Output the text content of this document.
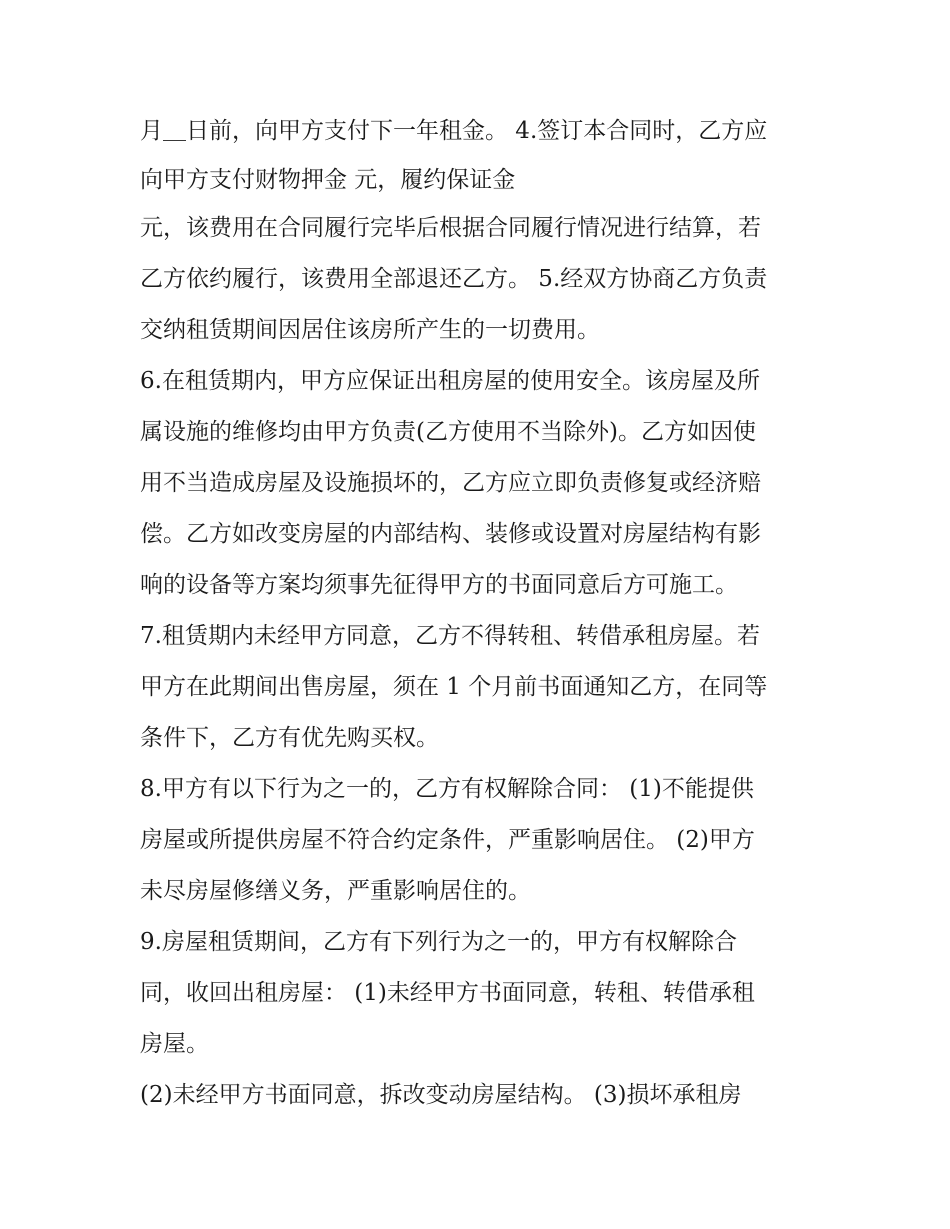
月＿日前，向甲方支付下一年租金。 4.签订本合同时，乙方应
向甲方支付财物押金 元，履约保证金
元，该费用在合同履行完毕后根据合同履行情况进行结算，若
乙方依约履行，该费用全部退还乙方。 5.经双方协商乙方负责
交纳租赁期间因居住该房所产生的一切费用。
6.在租赁期内，甲方应保证出租房屋的使用安全。该房屋及所
属设施的维修均由甲方负责(乙方使用不当除外)。乙方如因使
用不当造成房屋及设施损坏的，乙方应立即负责修复或经济赔
偿。乙方如改变房屋的内部结构、装修或设置对房屋结构有影
响的设备等方案均须事先征得甲方的书面同意后方可施工。
7.租赁期内未经甲方同意，乙方不得转租、转借承租房屋。若
甲方在此期间出售房屋，须在 1 个月前书面通知乙方，在同等
条件下，乙方有优先购买权。
8.甲方有以下行为之一的，乙方有权解除合同： (1)不能提供
房屋或所提供房屋不符合约定条件，严重影响居住。 (2)甲方
未尽房屋修缮义务，严重影响居住的。
9.房屋租赁期间，乙方有下列行为之一的，甲方有权解除合
同，收回出租房屋： (1)未经甲方书面同意，转租、转借承租
房屋。
(2)未经甲方书面同意，拆改变动房屋结构。 (3)损坏承租房
